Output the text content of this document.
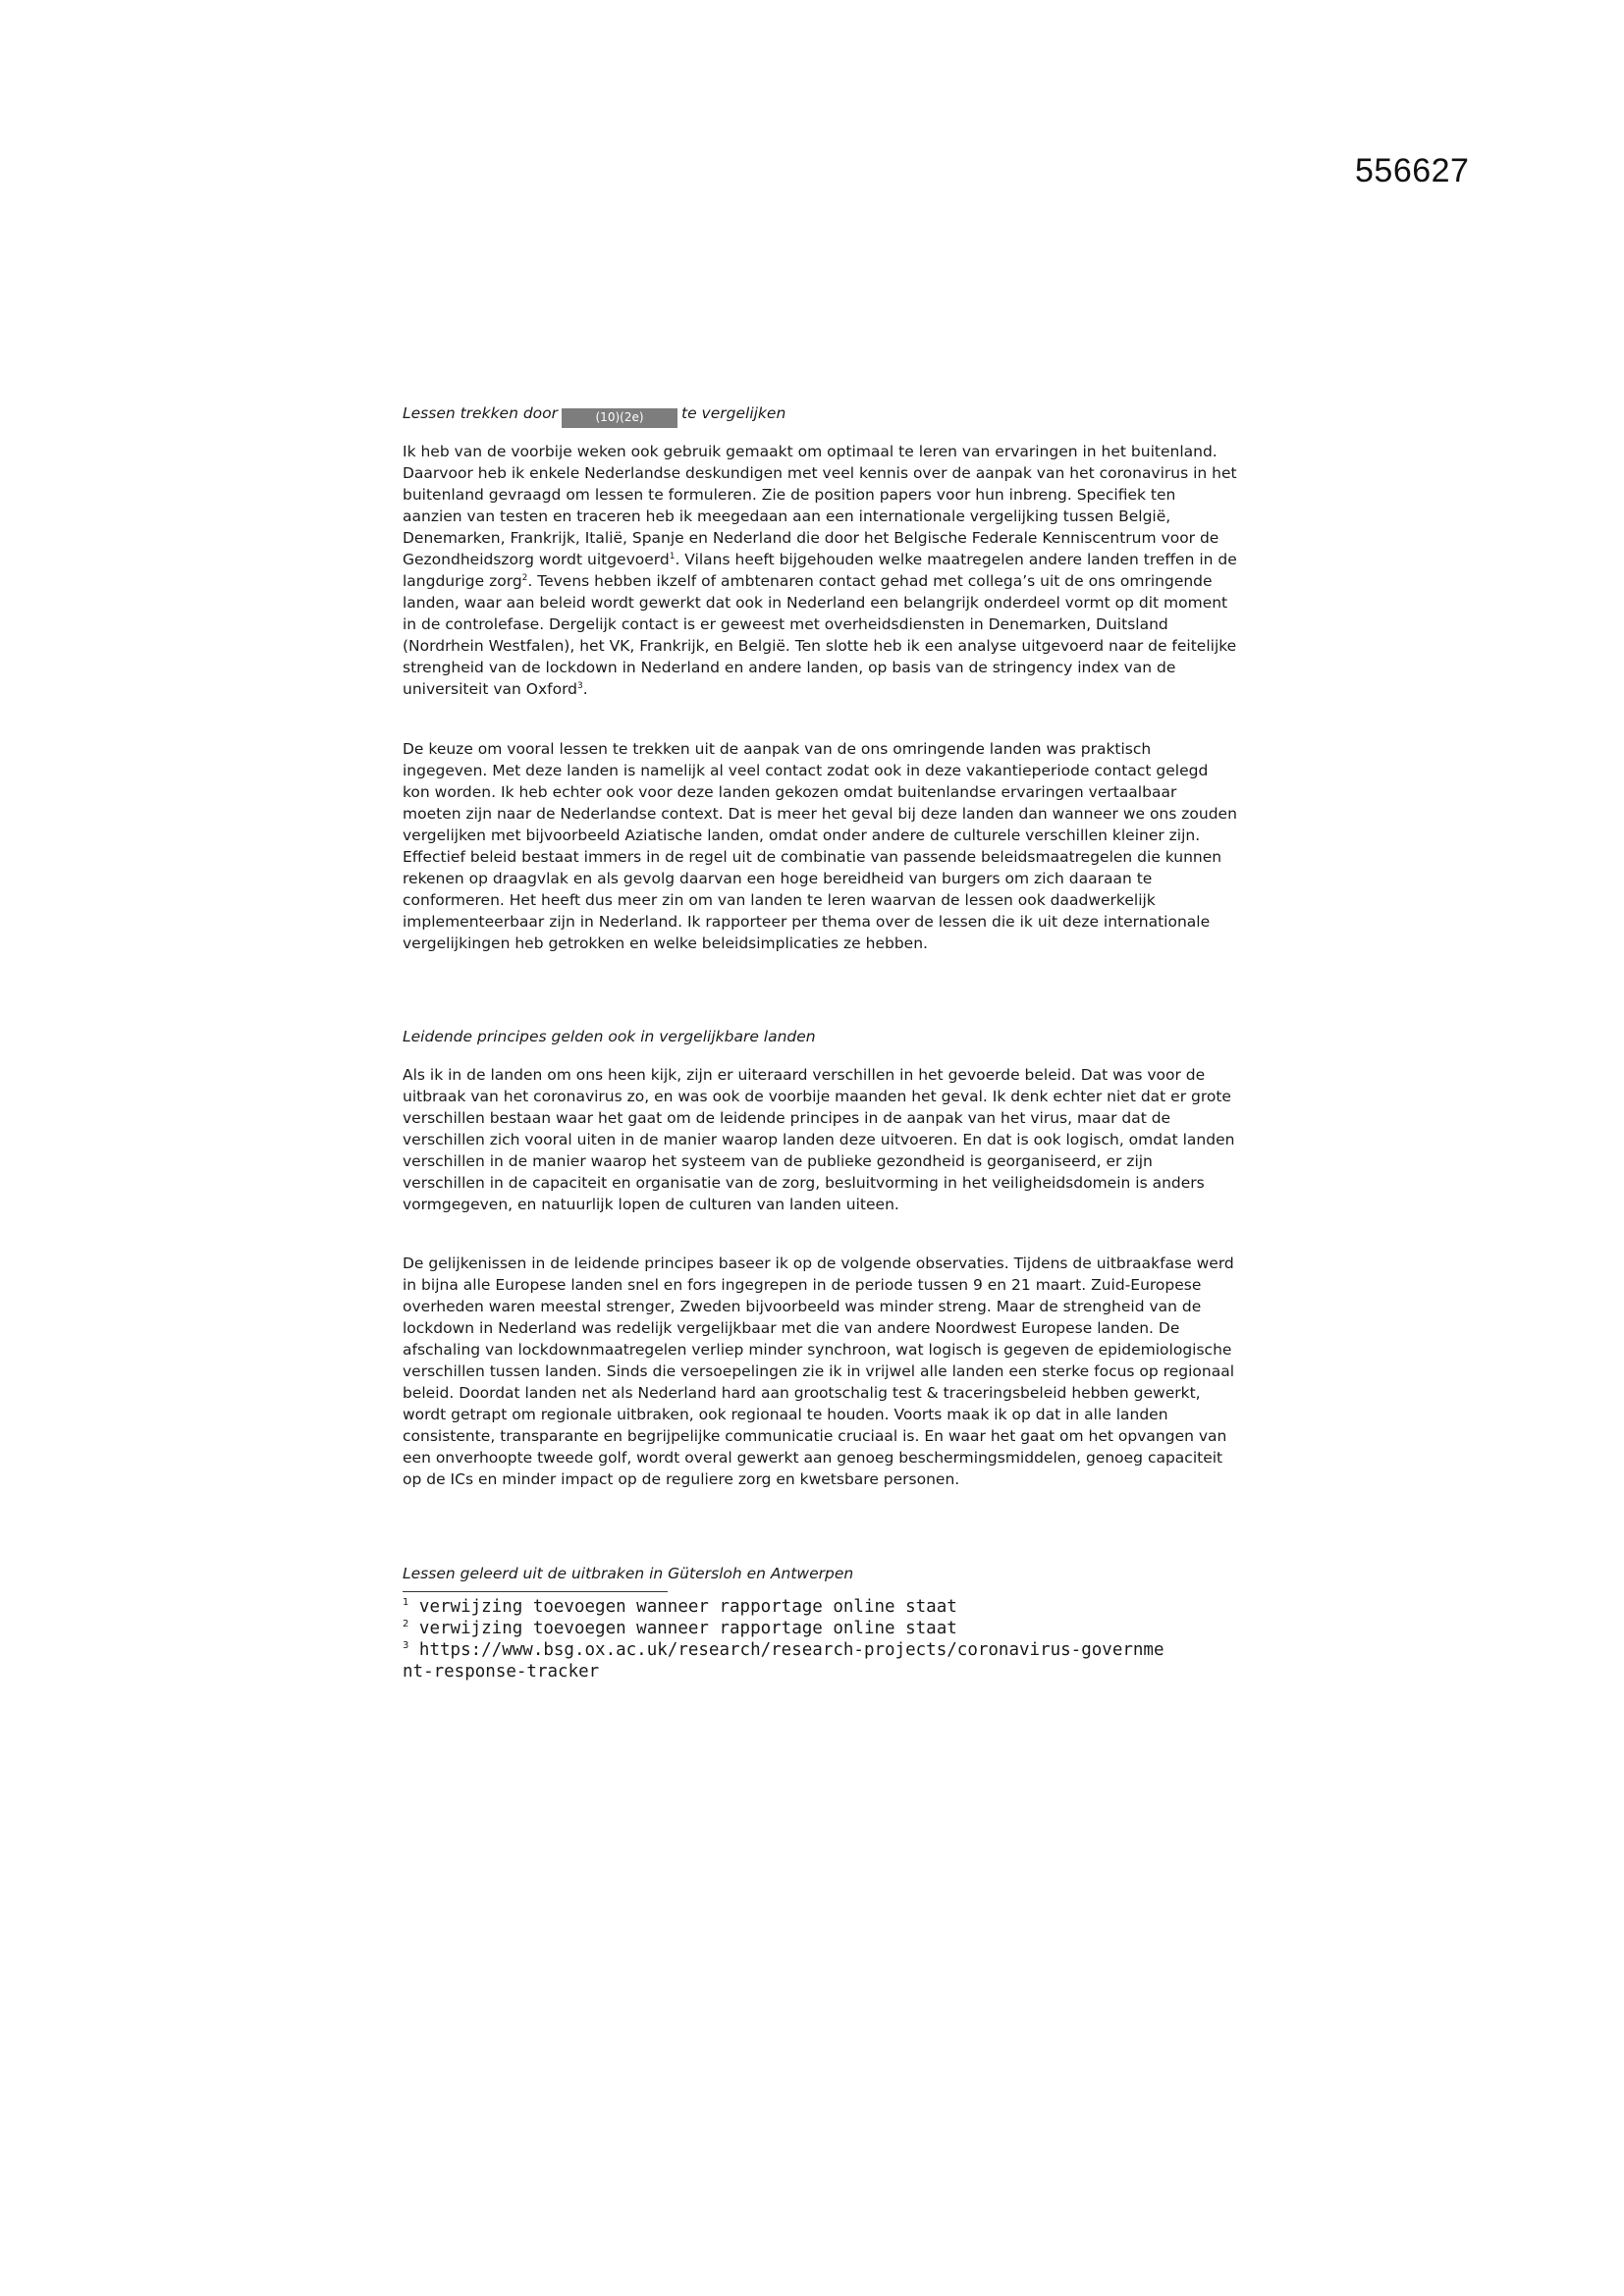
556627
Lessen trekken door	(10)(2e) te vergelijken

Ik heb van de voorbije weken ook gebruik gemaakt om optimaal te leren van ervaringen in het buitenland. Daarvoor heb ik enkele Nederlandse deskundigen met veel kennis over de aanpak van het coronavirus in het buitenland gevraagd om lessen te formuleren. Zie de position papers voor hun inbreng. Specifiek ten aanzien van testen en traceren heb ik meegedaan aan een internationale vergelijking tussen België, Denemarken, Frankrijk, Italië, Spanje en Nederland die door het Belgische Federale Kenniscentrum voor de Gezondheidszorg wordt uitgevoerd$^1$. Vilans heeft bijgehouden welke maatregelen andere landen treffen in de langdurige zorg$^2$. Tevens hebben ikzelf of ambtenaren contact gehad met collega’s uit de ons omringende landen, waar aan beleid wordt gewerkt dat ook in Nederland een belangrijk onderdeel vormt op dit moment in de controlefase. Dergelijk contact is er geweest met overheidsdiensten in Denemarken, Duitsland (Nordrhein Westfalen), het VK, Frankrijk, en België. Ten slotte heb ik een analyse uitgevoerd naar de feitelijke strengheid van de lockdown in Nederland en andere landen, op basis van de stringency index van de universiteit van Oxford$^3$.

De keuze om vooral lessen te trekken uit de aanpak van de ons omringende landen was praktisch ingegeven. Met deze landen is namelijk al veel contact zodat ook in deze vakantieperiode contact gelegd kon worden. Ik heb echter ook voor deze landen gekozen omdat buitenlandse ervaringen vertaalbaar moeten zijn naar de Nederlandse context. Dat is meer het geval bij deze landen dan wanneer we ons zouden vergelijken met bijvoorbeeld Aziatische landen, omdat onder andere de culturele verschillen kleiner zijn. Effectief beleid bestaat immers in de regel uit de combinatie van passende beleidsmaatregelen die kunnen rekenen op draagvlak en als gevolg daarvan een hoge bereidheid van burgers om zich daaraan te conformeren. Het heeft dus meer zin om van landen te leren waarvan de lessen ook daadwerkelijk implementeerbaar zijn in Nederland. Ik rapporteer per thema over de lessen die ik uit deze internationale vergelijkingen heb getrokken en welke beleidsimplicaties ze hebben.

Leidende principes gelden ook in vergelijkbare landen

Als ik in de landen om ons heen kijk, zijn er uiteraard verschillen in het gevoerde beleid. Dat was voor de uitbraak van het coronavirus zo, en was ook de voorbije maanden het geval. Ik denk echter niet dat er grote verschillen bestaan waar het gaat om de leidende principes in de aanpak van het virus, maar dat de verschillen zich vooral uiten in de manier waarop landen deze uitvoeren. En dat is ook logisch, omdat landen verschillen in de manier waarop het systeem van de publieke gezondheid is georganiseerd, er zijn verschillen in de capaciteit en organisatie van de zorg, besluitvorming in het veiligheidsdomein is anders vormgegeven, en natuurlijk lopen de culturen van landen uiteen.

De gelijkenissen in de leidende principes baseer ik op de volgende observaties. Tijdens de uitbraakfase werd in bijna alle Europese landen snel en fors ingegrepen in de periode tussen 9 en 21 maart. Zuid-Europese overheden waren meestal strenger, Zweden bijvoorbeeld was minder streng. Maar de strengheid van de lockdown in Nederland was redelijk vergelijkbaar met die van andere Noordwest Europese landen. De afschaling van lockdownmaatregelen verliep minder synchroon, wat logisch is gegeven de epidemiologische verschillen tussen landen. Sinds die versoepelingen zie ik in vrijwel alle landen een sterke focus op regionaal beleid. Doordat landen net als Nederland hard aan grootschalig test & traceringsbeleid hebben gewerkt, wordt getrapt om regionale uitbraken, ook regionaal te houden. Voorts maak ik op dat in alle landen consistente, transparante en begrijpelijke communicatie cruciaal is. En waar het gaat om het opvangen van een onverhoopte tweede golf, wordt overal gewerkt aan genoeg beschermingsmiddelen, genoeg capaciteit op de ICs en minder impact op de reguliere zorg en kwetsbare personen.

Lessen geleerd uit de uitbraken in Gütersloh en Antwerpen
$^1$ verwijzing toevoegen wanneer rapportage online staat
$^2$ verwijzing toevoegen wanneer rapportage online staat
$^3$ https://www.bsg.ox.ac.uk/research/research-projects/coronavirus-government-response-tracker
